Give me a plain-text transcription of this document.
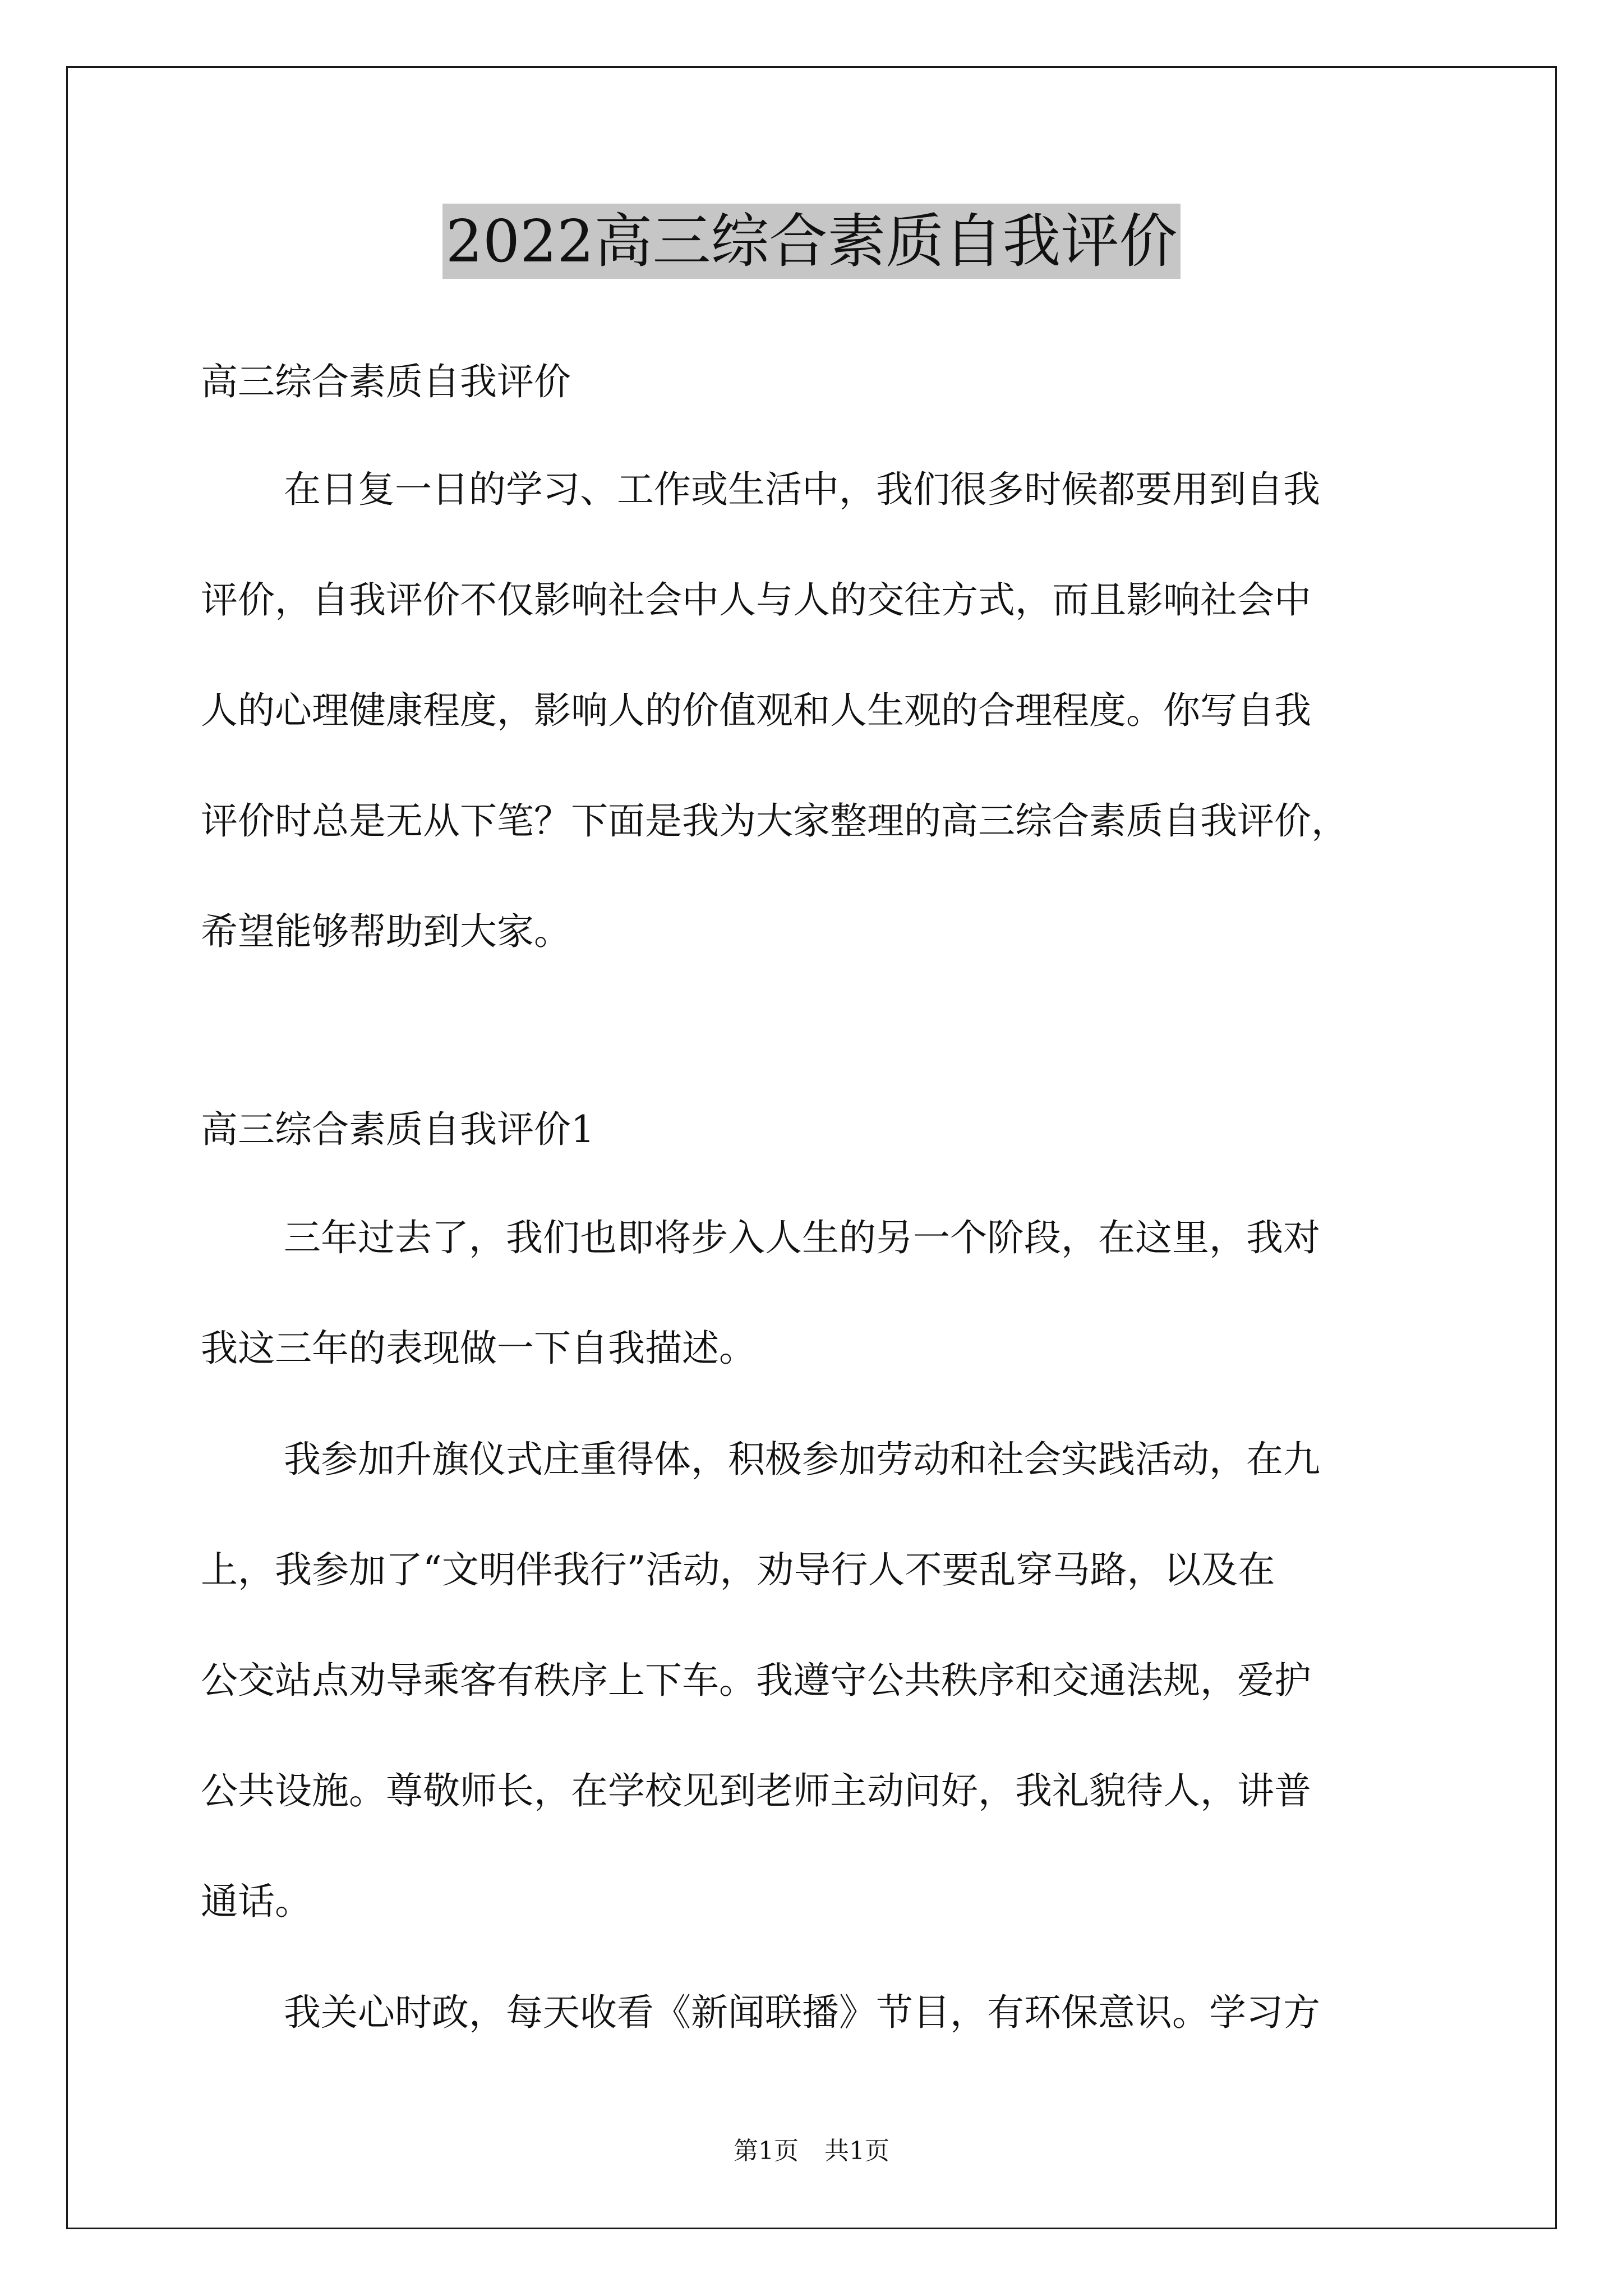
2022高三综合素质自我评价
高三综合素质自我评价
在日复一日的学习、工作或生活中，我们很多时候都要用到自我
评价，自我评价不仅影响社会中人与人的交往方式，而且影响社会中
人的心理健康程度，影响人的价值观和人生观的合理程度。你写自我
评价时总是无从下笔？下面是我为大家整理的高三综合素质自我评价，
希望能够帮助到大家。
高三综合素质自我评价1
三年过去了，我们也即将步入人生的另一个阶段，在这里，我对
我这三年的表现做一下自我描述。
我参加升旗仪式庄重得体，积极参加劳动和社会实践活动，在九
上，我参加了“文明伴我行”活动，劝导行人不要乱穿马路，以及在
公交站点劝导乘客有秩序上下车。我遵守公共秩序和交通法规，爱护
公共设施。尊敬师长，在学校见到老师主动问好，我礼貌待人，讲普
通话。
我关心时政，每天收看《新闻联播》节目，有环保意识。学习方
第1页 共1页
